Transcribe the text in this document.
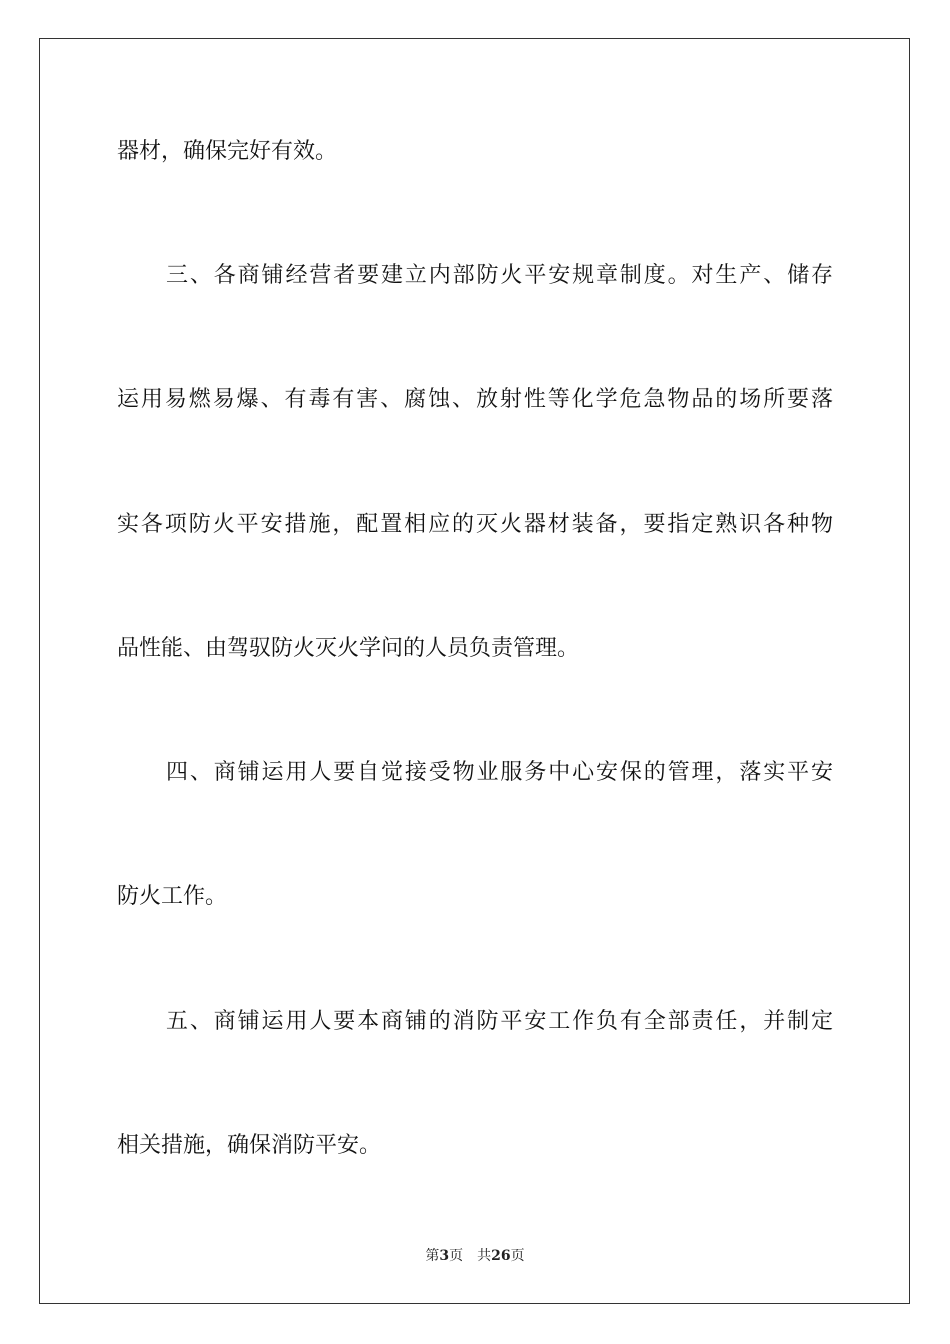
器材，确保完好有效。
三、各商铺经营者要建立内部防火平安规章制度。对生产、储存
运用易燃易爆、有毒有害、腐蚀、放射性等化学危急物品的场所要落
实各项防火平安措施，配置相应的灭火器材装备，要指定熟识各种物
品性能、由驾驭防火灭火学问的人员负责管理。
四、商铺运用人要自觉接受物业服务中心安保的管理，落实平安
防火工作。
五、商铺运用人要本商铺的消防平安工作负有全部责任，并制定
相关措施，确保消防平安。
第3页 共26页
